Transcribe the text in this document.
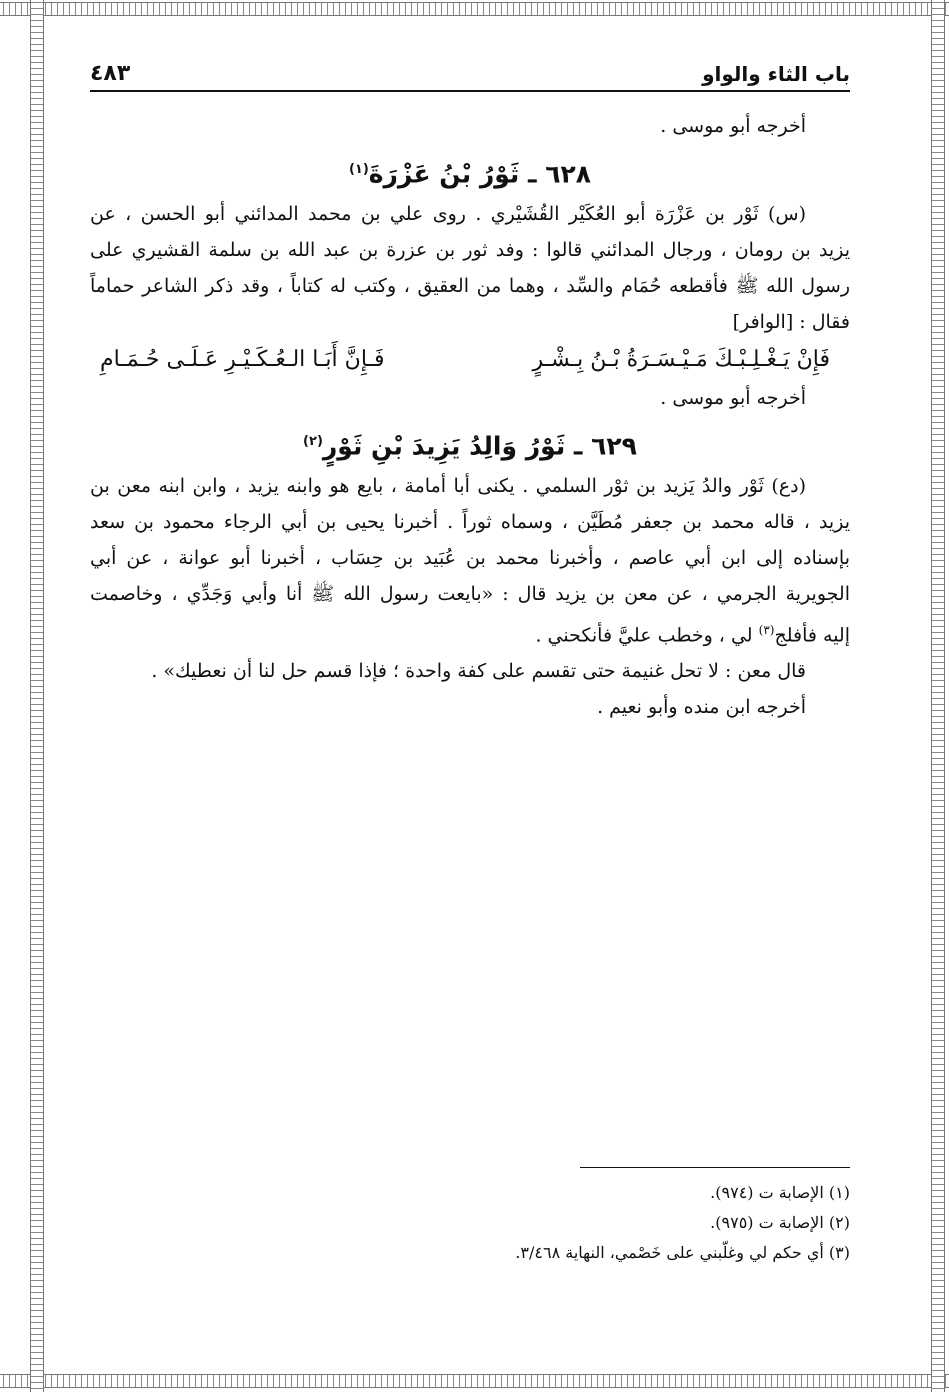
باب الثاء والواو
٤٨٣
أخرجه أبو موسى .
٦٢٨ ـ ثَوْرُ بْنُ عَزْرَةَ$^{(١)}$
(س) ثَوْر بن عَزْرَة أبو العُكَيْر القُشَيْري . روى علي بن محمد المدائني أبو الحسن ، عن
يزيد بن رومان ، ورجال المدائني قالوا : وفد ثور بن عزرة بن عبد الله بن سلمة القشيري على
رسول الله ﷺ فأقطعه حُمَام والسِّد ، وهما من العقيق ، وكتب له كتاباً ، وقد ذكر الشاعر حماماً
فقال : [الوافر]
فَإِنْ يَـغْـلِـبْـكَ مَـيْـسَـرَةُ بْـنُ بِـشْـرٍ
فَـإِنَّ أَبَـا الـعُـكَـيْـرِ عَـلَـى حُـمَـامِ
أخرجه أبو موسى .
٦٢٩ ـ ثَوْرُ وَالِدُ يَزِيدَ بْنِ ثَوْرٍ$^{(٢)}$
(دع) ثَوْر والدُ يَزيد بن ثوْر السلمي . يكنى أبا أمامة ، بايع هو وابنه يزيد ، وابن ابنه معن بن
يزيد ، قاله محمد بن جعفر مُطَيَّن ، وسماه ثوراً . أخبرنا يحيى بن أبي الرجاء محمود بن سعد
بإسناده إلى ابن أبي عاصم ، وأخبرنا محمد بن عُبَيد بن حِسَاب ، أخبرنا أبو عوانة ، عن أبي
الجويرية الجرمي ، عن معن بن يزيد قال : «بايعت رسول الله ﷺ أنا وأبي وَجَدِّي ، وخاصمت
إليه فأفلج$^{(٣)}$ لي ، وخطب عليَّ فأنكحني .
قال معن : لا تحل غنيمة حتى تقسم على كفة واحدة ؛ فإذا قسم حل لنا أن نعطيك» .
أخرجه ابن منده وأبو نعيم .
(١) الإصابة ت (٩٧٤).
(٢) الإصابة ت (٩٧٥).
(٣) أي حكم لي وغلّبني على خَصْمي، النهاية ٣/٤٦٨.
